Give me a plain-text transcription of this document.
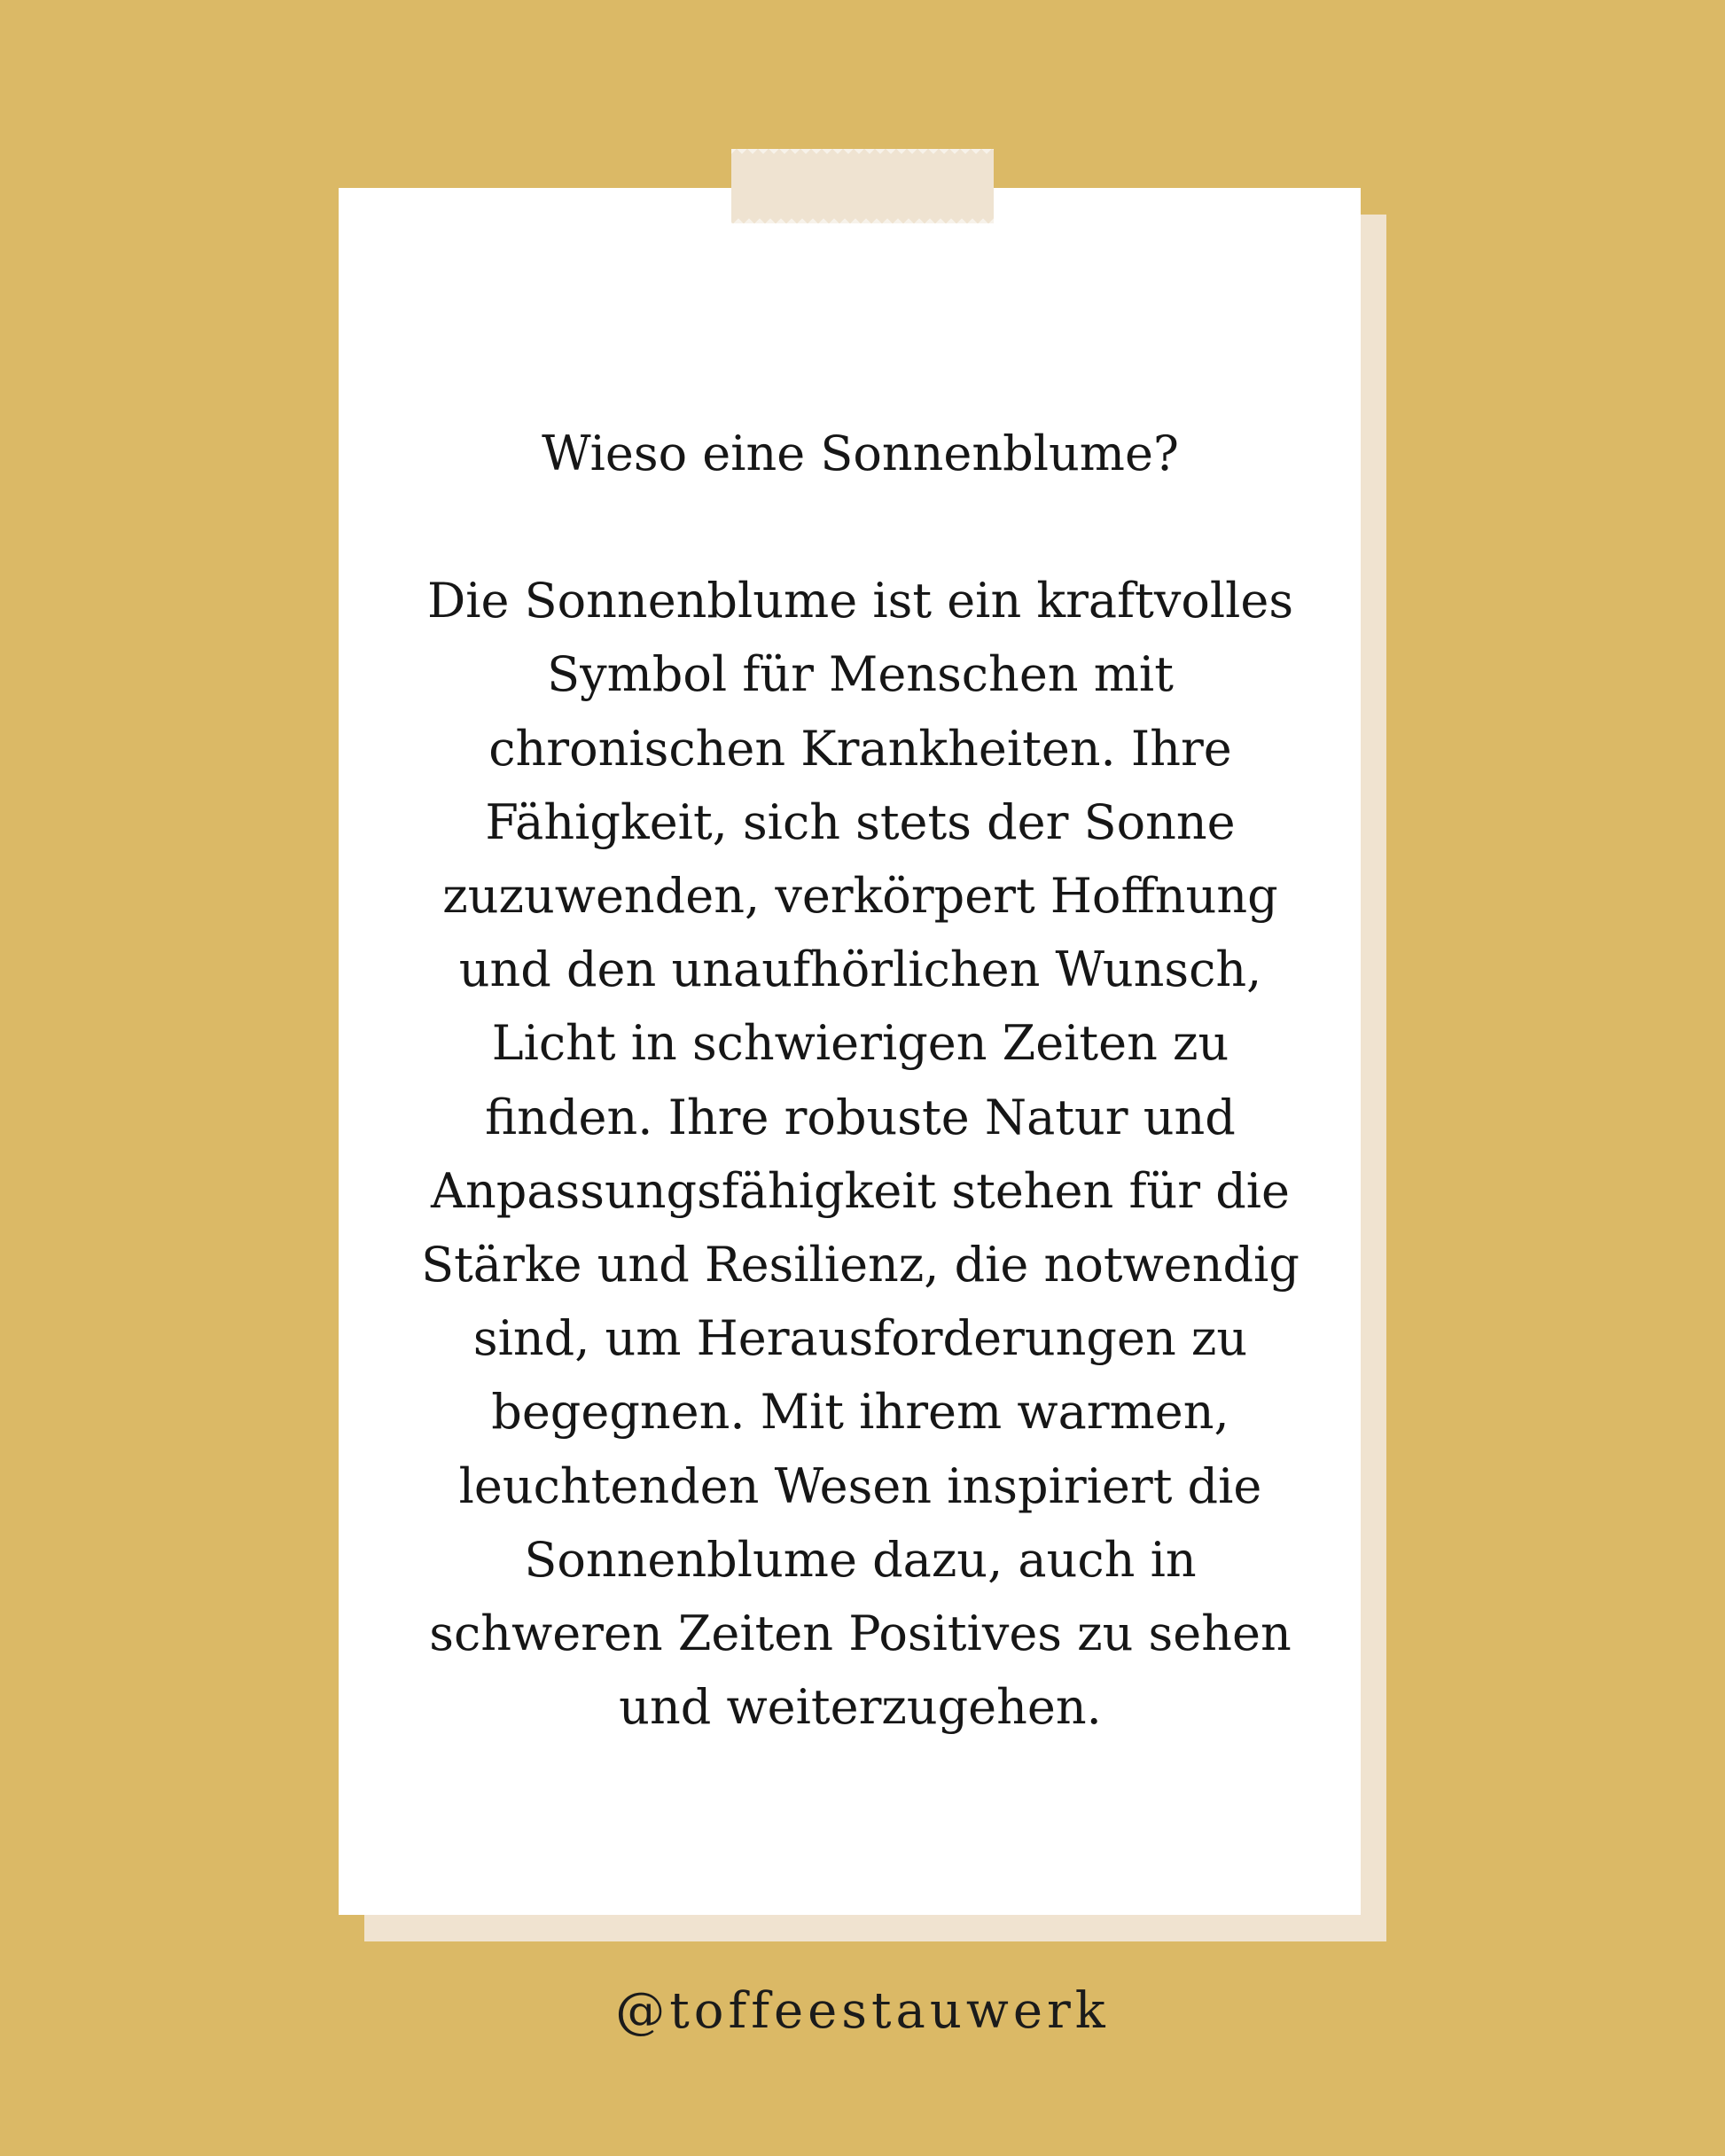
Wieso eine Sonnenblume?
Die Sonnenblume ist ein kraftvolles
Symbol für Menschen mit
chronischen Krankheiten. Ihre
Fähigkeit, sich stets der Sonne
zuzuwenden, verkörpert Hoffnung
und den unaufhörlichen Wunsch,
Licht in schwierigen Zeiten zu
finden. Ihre robuste Natur und
Anpassungsfähigkeit stehen für die
Stärke und Resilienz, die notwendig
sind, um Herausforderungen zu
begegnen. Mit ihrem warmen,
leuchtenden Wesen inspiriert die
Sonnenblume dazu, auch in
schweren Zeiten Positives zu sehen
und weiterzugehen.
@toffeestauwerk
